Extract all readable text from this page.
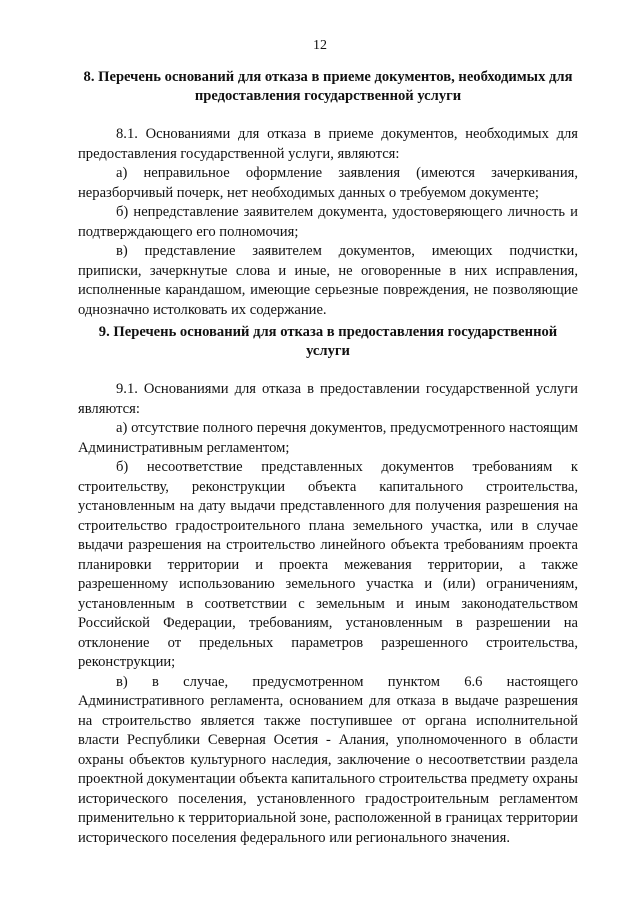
12
8. Перечень оснований для отказа в приеме документов, необходимых для предоставления государственной услуги

8.1. Основаниями для отказа в приеме документов, необходимых для предоставления государственной услуги, являются:

а) неправильное оформление заявления (имеются зачеркивания, неразборчивый почерк, нет необходимых данных о требуемом документе;

б) непредставление заявителем документа, удостоверяющего личность и подтверждающего его полномочия;

в) представление заявителем документов, имеющих подчистки, приписки, зачеркнутые слова и иные, не оговоренные в них исправления, исполненные карандашом, имеющие серьезные повреждения, не позволяющие однозначно истолковать их содержание.

9. Перечень оснований для отказа в предоставления государственной услуги

9.1. Основаниями для отказа в предоставлении государственной услуги являются:

а) отсутствие полного перечня документов, предусмотренного настоящим Административным регламентом;

б) несоответствие представленных документов требованиям к строительству, реконструкции объекта капитального строительства, установленным на дату выдачи представленного для получения разрешения на строительство градостроительного плана земельного участка, или в случае выдачи разрешения на строительство линейного объекта требованиям проекта планировки территории и проекта межевания территории, а также разрешенному использованию земельного участка и (или) ограничениям, установленным в соответствии с земельным и иным законодательством Российской Федерации, требованиям, установленным в разрешении на отклонение от предельных параметров разрешенного строительства, реконструкции;

в) в случае, предусмотренном пунктом 6.6 настоящего Административного регламента, основанием для отказа в выдаче разрешения на строительство является также поступившее от органа исполнительной власти Республики Северная Осетия - Алания, уполномоченного в области охраны объектов культурного наследия, заключение о несоответствии раздела проектной документации объекта капитального строительства предмету охраны исторического поселения, установленного градостроительным регламентом применительно к территориальной зоне, расположенной в границах территории исторического поселения федерального или регионального значения.
